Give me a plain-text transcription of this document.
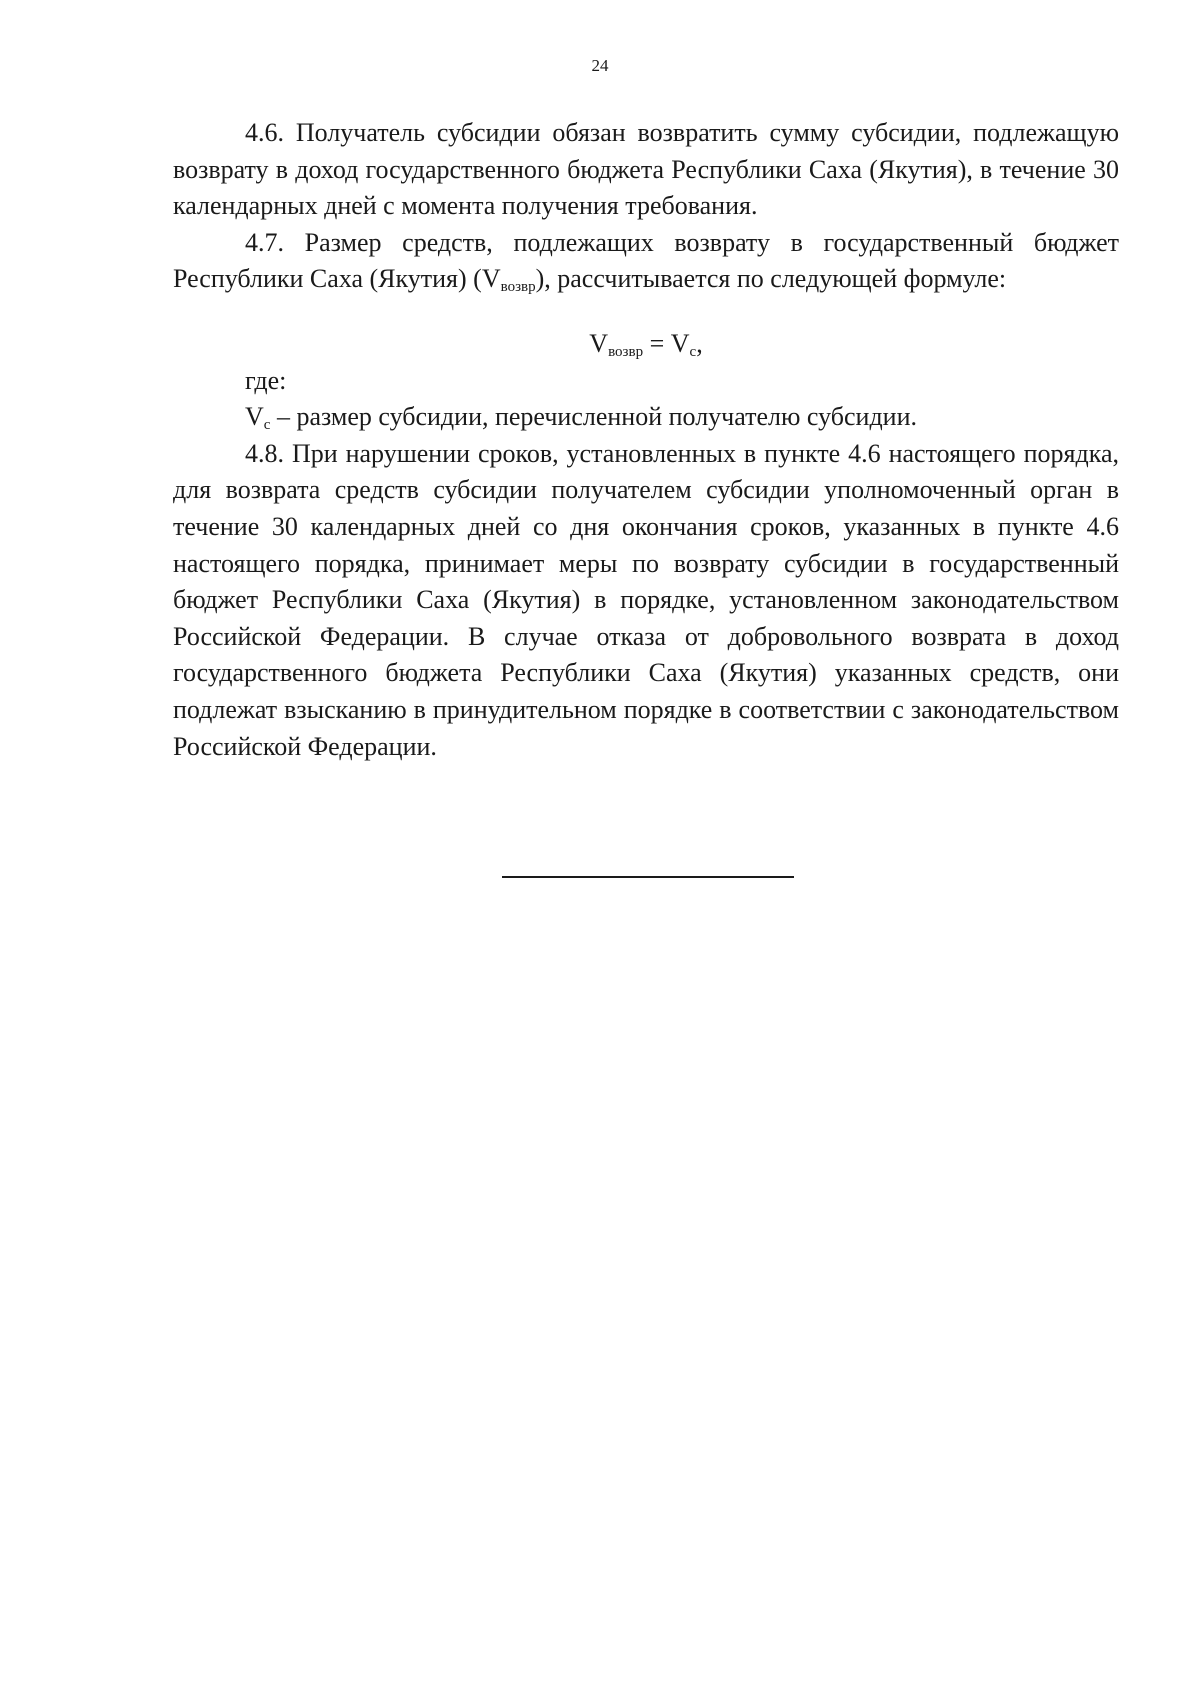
24

4.6. Получатель субсидии обязан возвратить сумму субсидии, подлежащую возврату в доход государственного бюджета Республики Саха (Якутия), в течение 30 календарных дней с момента получения требования.

4.7. Размер средств, подлежащих возврату в государственный бюджет Республики Саха (Якутия) $(V_{возвр})$, рассчитывается по следующей формуле:

$V_{возвр} = V_с$,

где:

$V_с$ – размер субсидии, перечисленной получателю субсидии.

4.8. При нарушении сроков, установленных в пункте 4.6 настоящего порядка, для возврата средств субсидии получателем субсидии уполномоченный орган в течение 30 календарных дней со дня окончания сроков, указанных в пункте 4.6 настоящего порядка, принимает меры по возврату субсидии в государственный бюджет Республики Саха (Якутия) в порядке, установленном законодательством Российской Федерации. В случае отказа от добровольного возврата в доход государственного бюджета Республики Саха (Якутия) указанных средств, они подлежат взысканию в принудительном порядке в соответствии с законодательством Российской Федерации.
